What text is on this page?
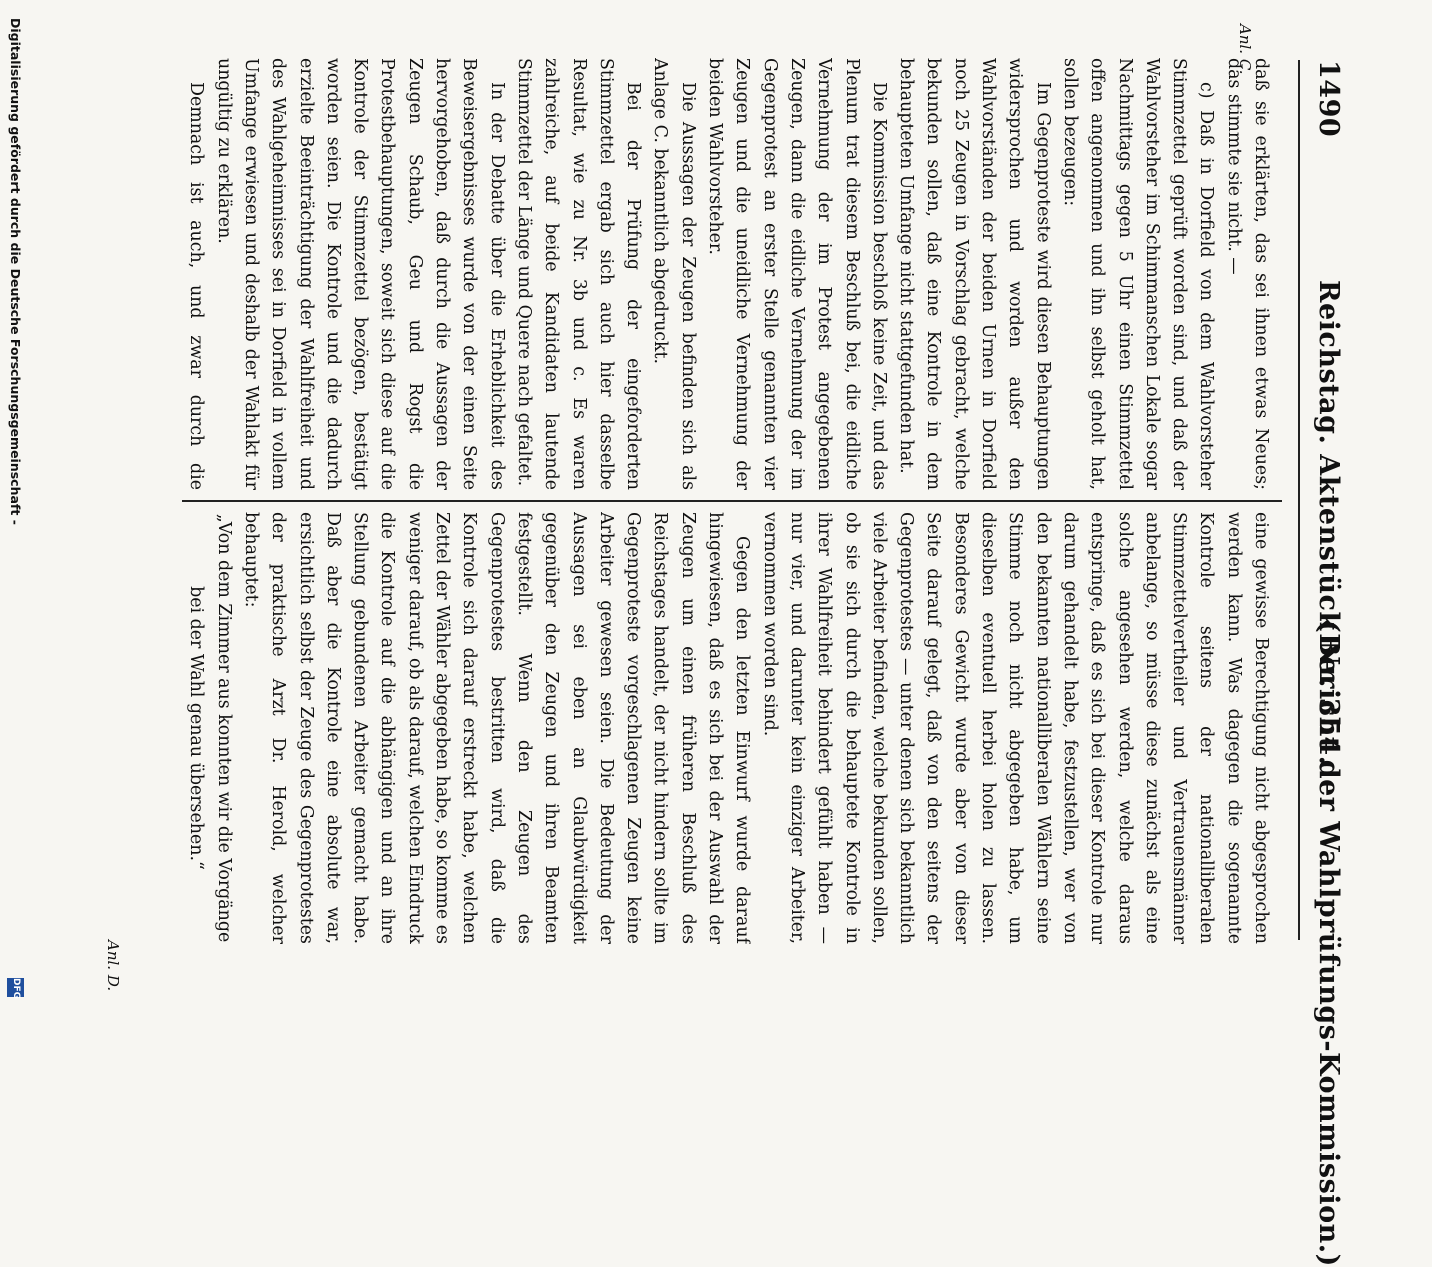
1490
Reichstag. Aktenstück Nr. 354.
(Bericht der Wahlprüfungs-Kommission.)
Anl. C.
Anl. D.

daß sie erklärten, das sei ihnen etwas Neues; das stimmte sie nicht. —

c) Daß in Dorfield von dem Wahlvorsteher Stimmzettel geprüft worden sind, und daß der Wahlvorsteher im Schimmanschen Lokale sogar Nachmittags gegen 5 Uhr einen Stimmzettel offen angenommen und ihn selbst geholt hat, sollen bezeugen:

Im Gegenproteste wird diesen Behauptungen widersprochen und worden außer den Wahlvorständen der beiden Urnen in Dorfield noch 25 Zeugen in Vorschlag gebracht, welche bekunden sollen, daß eine Kontrole in dem behaupteten Umfange nicht stattgefunden hat.

Die Kommission beschloß keine Zeit, und das Plenum trat diesem Beschluß bei, die eidliche Vernehmung der im Protest angegebenen Zeugen, dann die eidliche Vernehmung der im Gegenprotest an erster Stelle genannten vier Zeugen und die uneidliche Vernehmung der beiden Wahlvorsteher.

Die Aussagen der Zeugen befinden sich als Anlage C. bekanntlich abgedruckt.

Bei der Prüfung der eingeforderten Stimmzettel ergab sich auch hier dasselbe Resultat, wie zu Nr. 3b und c. Es waren zahlreiche, auf beide Kandidaten lautende Stimmzettel der Länge und Quere nach gefaltet.

In der Debatte über die Erheblichkeit des Beweisergebnisses wurde von der einen Seite hervorgehoben, daß durch die Aussagen der Zeugen Schaub, Geu und Rogst die Protestbehauptungen, soweit sich diese auf die Kontrole der Stimmzettel bezögen, bestätigt worden seien. Die Kontrole und die dadurch erzielte Beeinträchtigung der Wahlfreiheit und des Wahlgeheimnisses sei in Dorfield in vollem Umfange erwiesen und deshalb der Wahlakt für ungültig zu erklären.

Demnach ist auch, und zwar durch die

eine gewisse Berechtigung nicht abgesprochen werden kann. Was dagegen die sogenannte Kontrole seitens der nationalliberalen Stimmzettelvertheiler und Vertrauensmänner anbelange, so müsse diese zunächst als eine solche angesehen werden, welche daraus entspringe, daß es sich bei dieser Kontrole nur darum gehandelt habe, festzustellen, wer von den bekannten nationalliberalen Wählern seine Stimme noch nicht abgegeben habe, um dieselben eventuell herbei holen zu lassen. Besonderes Gewicht wurde aber von dieser Seite darauf gelegt, daß von den seitens der Gegenprotestes — unter denen sich bekanntlich viele Arbeiter befinden, welche bekunden sollen, ob sie sich durch die behauptete Kontrole in ihrer Wahlfreiheit behindert gefühlt haben — nur vier, und darunter kein einziger Arbeiter, vernommen worden sind.

Gegen den letzten Einwurf wurde darauf hingewiesen, daß es sich bei der Auswahl der Zeugen um einen früheren Beschluß des Reichstages handelt, der nicht hindern sollte im Gegenproteste vorgeschlagenen Zeugen keine Arbeiter gewesen seien. Die Bedeutung der Aussagen sei eben an Glaubwürdigkeit gegenüber den Zeugen und ihren Beamten festgestellt. Wenn den Zeugen des Gegenprotestes bestritten wird, daß die Kontrole sich darauf erstreckt habe, welchen Zettel der Wähler abgegeben habe, so komme es weniger darauf, ob als darauf, welchen Eindruck die Kontrole auf die abhängigen und an ihre Stellung gebundenen Arbeiter gemacht habe. Daß aber die Kontrole eine absolute war, ersichtlich selbst der Zeuge des Gegenprotestes der praktische Arzt Dr. Herold, welcher behauptet:

„Von dem Zimmer aus konnten wir die Vorgänge bei der Wahl genau übersehen.“

Digitalisierung gefördert durch die Deutsche Forschungsgemeinschaft -
DFG
